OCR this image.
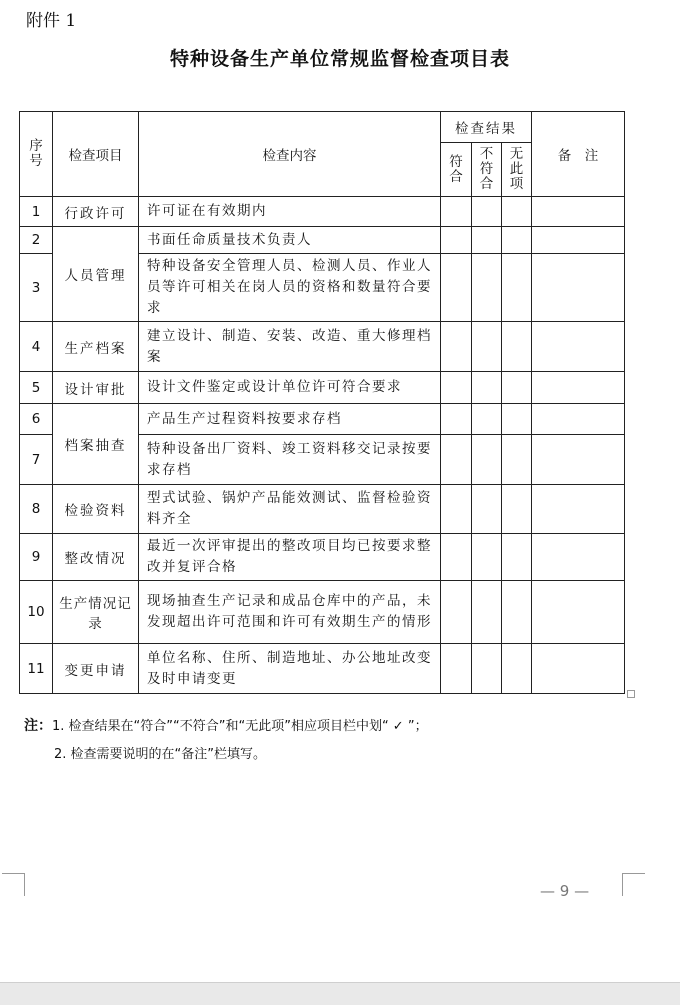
附件 1
特种设备生产单位常规监督检查项目表
序号	检查项目	检查内容	检查结果			备　注
			符合	不符合	无此项	
1	行政许可	许可证在有效期内				
2	人员管理	书面任命质量技术负责人				
3		特种设备安全管理人员、检测人员、作业人员等许可相关在岗人员的资格和数量符合要求				
4	生产档案	建立设计、制造、安装、改造、重大修理档案				
5	设计审批	设计文件鉴定或设计单位许可符合要求				
6	档案抽查	产品生产过程资料按要求存档				
7		特种设备出厂资料、竣工资料移交记录按要求存档				
8	检验资料	型式试验、锅炉产品能效测试、监督检验资料齐全				
9	整改情况	最近一次评审提出的整改项目均已按要求整改并复评合格				
10	生产情况记录	现场抽查生产记录和成品仓库中的产品，未发现超出许可范围和许可有效期生产的情形				
11	变更申请	单位名称、住所、制造地址、办公地址改变及时申请变更				
注：1. 检查结果在“符合”“不符合”和“无此项”相应项目栏中划“ ✓ ”；
2. 检查需要说明的在“备注”栏填写。
— 9 —
